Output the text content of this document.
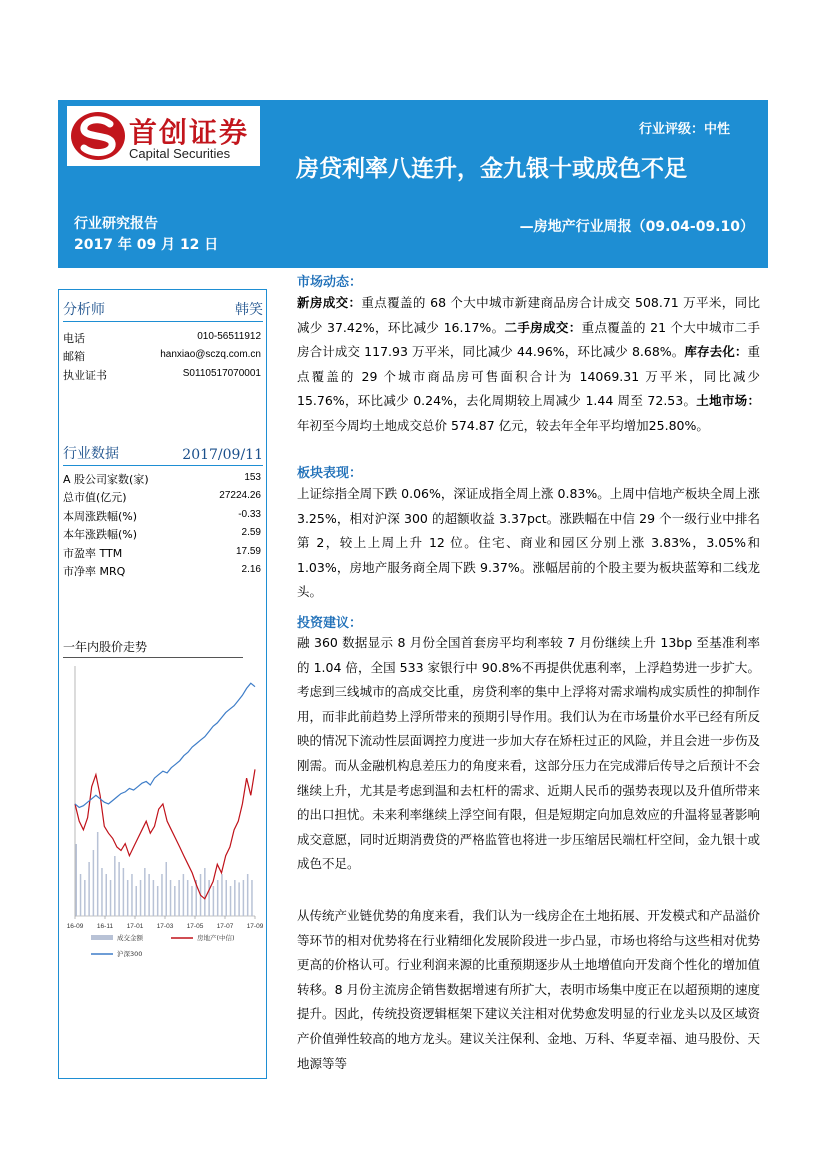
首创证券
Capital Securities
行业评级：中性
房贷利率八连升，金九银十或成色不足
行业研究报告
2017 年 09 月 12 日
—房地产行业周报（09.04-09.10）
分析师	韩笑
电话	010-56511912
邮箱	hanxiao@sczq.com.cn
执业证书	S0110517070001
行业数据	2017/09/11
A 股公司家数(家)	153
总市值(亿元)	27224.26
本周涨跌幅(%)	-0.33
本年涨跌幅(%)	2.59
市盈率 TTM	17.59
市净率 MRQ	2.16
一年内股价走势
16-09 16-11 17-01 17-03 17-05 17-07 17-09
成交金额	房地产(中信)
沪深300
市场动态：
新房成交：重点覆盖的 68 个大中城市新建商品房合计成交 508.71 万平米，同比减少 37.42%，环比减少 16.17%。二手房成交：重点覆盖的 21 个大中城市二手房合计成交 117.93 万平米，同比减少 44.96%，环比减少 8.68%。库存去化：重点覆盖的 29 个城市商品房可售面积合计为 14069.31 万平米，同比减少 15.76%，环比减少 0.24%，去化周期较上周减少 1.44 周至 72.53。土地市场：年初至今周均土地成交总价 574.87 亿元，较去年全年平均增加25.80%。
板块表现：
上证综指全周下跌 0.06%，深证成指全周上涨 0.83%。上周中信地产板块全周上涨 3.25%，相对沪深 300 的超额收益 3.37pct。涨跌幅在中信 29 个一级行业中排名第 2，较上上周上升 12 位。住宅、商业和园区分别上涨 3.83%，3.05%和 1.03%，房地产服务商全周下跌 9.37%。涨幅居前的个股主要为板块蓝筹和二线龙头。
投资建议：
融 360 数据显示 8 月份全国首套房平均利率较 7 月份继续上升 13bp 至基准利率的 1.04 倍，全国 533 家银行中 90.8%不再提供优惠利率，上浮趋势进一步扩大。考虑到三线城市的高成交比重，房贷利率的集中上浮将对需求端构成实质性的抑制作用，而非此前趋势上浮所带来的预期引导作用。我们认为在市场量价水平已经有所反映的情况下流动性层面调控力度进一步加大存在矫枉过正的风险，并且会进一步伤及刚需。而从金融机构息差压力的角度来看，这部分压力在完成滞后传导之后预计不会继续上升，尤其是考虑到温和去杠杆的需求、近期人民币的强势表现以及升值所带来的出口担忧。未来利率继续上浮空间有限，但是短期定向加息效应的升温将显著影响成交意愿，同时近期消费贷的严格监管也将进一步压缩居民端杠杆空间，金九银十或成色不足。
从传统产业链优势的角度来看，我们认为一线房企在土地拓展、开发模式和产品溢价等环节的相对优势将在行业精细化发展阶段进一步凸显，市场也将给与这些相对优势更高的价格认可。行业利润来源的比重预期逐步从土地增值向开发商个性化的增加值转移。8 月份主流房企销售数据增速有所扩大，表明市场集中度正在以超预期的速度提升。因此，传统投资逻辑框架下建议关注相对优势愈发明显的行业龙头以及区域资产价值弹性较高的地方龙头。建议关注保利、金地、万科、华夏幸福、迪马股份、天地源等等
